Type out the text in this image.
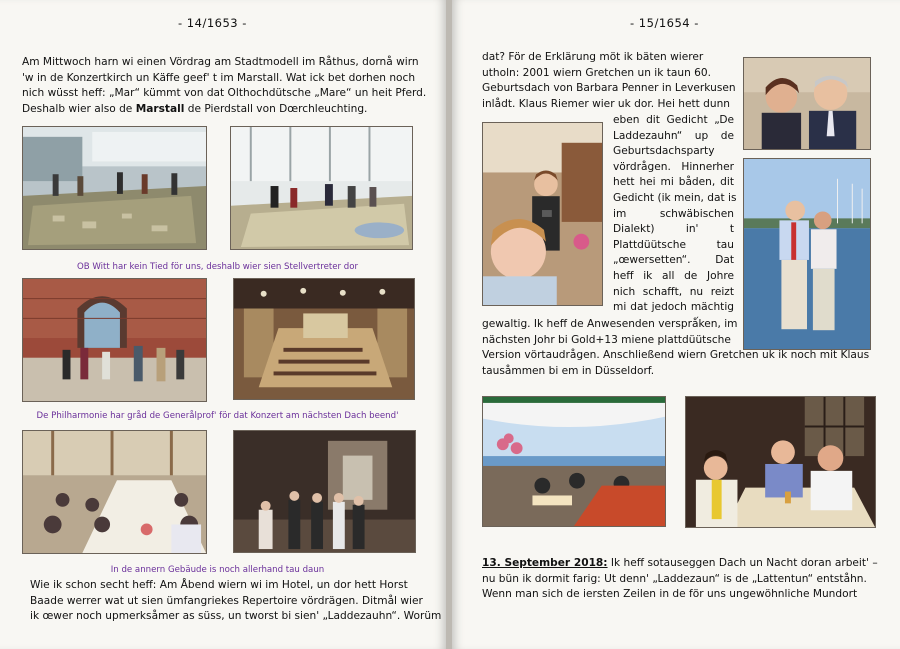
- 14/1653 -
Am Mittwoch harn wi einen Vördrag am Stadtmodell im Råthus, dornå wirn
'w in de Konzertkirch un Käffe geef' t im Marstall. Wat ick bet dorhen noch
nich wüsst heff: „Mar“ kümmt von dat Olthochdütsche „Mare“ un heit Pferd.
Deshalb wier also de Marstall de Pierdstall von Dœrchleuchting.
OB Witt har kein Tied för uns, deshalb wier sien Stellvertreter dor
De Philharmonie har gråd de Generålprof' för dat Konzert am nächsten Dach beend'
In de annern Gebäude is noch allerhand tau daun
Wie ik schon secht heff: Am Åbend wiern wi im Hotel, un dor hett Horst
Baade werrer wat ut sien ümfangriekes Repertoire vördrägen. Ditmål wier
ik œwer noch upmerksåmer as süss, un tworst bi sien' „Laddezauhn“. Worüm
- 15/1654 -
dat? För de Erklärung möt ik bäten wierer
utholn: 2001 wiern Gretchen un ik taun 60.
Geburtsdach von Barbara Penner in Leverkusen
inlådt. Klaus Riemer wier uk dor. Hei hett dunn
eben dit Gedicht „De
Laddezauhn“ up de
Geburtsdachsparty
vördrågen. Hinnerher
hett hei mi båden, dit
Gedicht (ik mein, dat is
im schwäbischen
Dialekt) in' t
Plattdüütsche tau
„œwersetten“. Dat
heff ik all de Johre
nich schafft, nu reizt
mi dat jedoch mächtig
gewaltig. Ik heff de Anwesenden versprǻken, im
nächsten Johr bi Gold+13 miene plattdüütsche
Version vörtaudrågen. Anschließend wiern Gretchen uk ik noch mit Klaus
tausåmmen bi em in Düsseldorf.
13. September 2018: Ik heff sotauseggen Dach un Nacht doran arbeit' –
nu bün ik dormit farig: Ut denn' „Laddezaun“ is de „Lattentun“ entståhn.
Wenn man sich de iersten Zeilen in de för uns ungewöhnliche Mundort
